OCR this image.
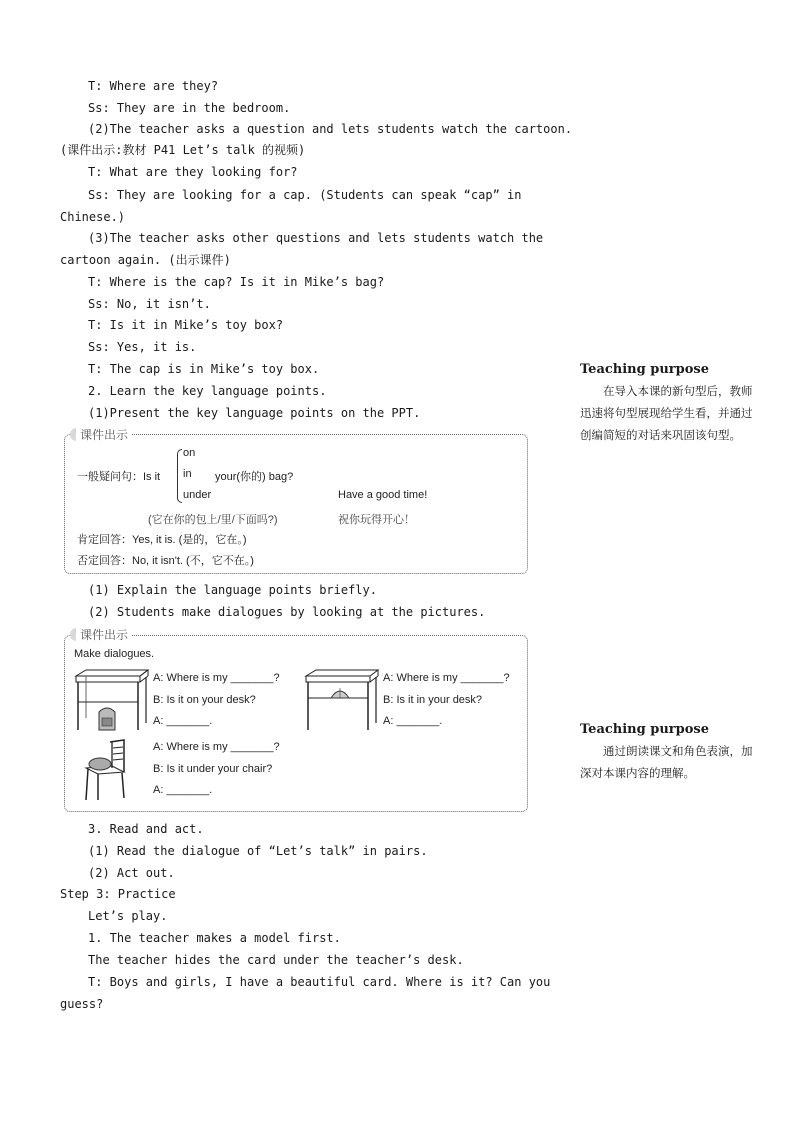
T: Where are they?
Ss: They are in the bedroom.
(2)The teacher asks a question and lets students watch the cartoon.
(课件出示:教材 P41 Let’s talk 的视频)
T: What are they looking for?
Ss: They are looking for a cap. (Students can speak “cap” in
Chinese.)
(3)The teacher asks other questions and lets students watch the
cartoon again. (出示课件)
T: Where is the cap? Is it in Mike’s bag?
Ss: No, it isn’t.
T: Is it in Mike’s toy box?
Ss: Yes, it is.
T: The cap is in Mike’s toy box.
2. Learn the key language points.
(1)Present the key language points on the PPT.
课件出示
一般疑问句：Is it
on
in
under
your(你的) bag?
(它在你的包上/里/下面吗?)
Have a good time!
祝你玩得开心！
肯定回答：Yes, it is. (是的，它在。)
否定回答：No, it isn't. (不，它不在。)
(1) Explain the language points briefly.
(2) Students make dialogues by looking at the pictures.
课件出示
Make dialogues.
A: Where is my _______?
B: Is it on your desk?
A: _______.
A: Where is my _______?
B: Is it in your desk?
A: _______.
A: Where is my _______?
B: Is it under your chair?
A: _______.
3. Read and act.
(1) Read the dialogue of “Let’s talk” in pairs.
(2) Act out.
Step 3: Practice
Let’s play.
1. The teacher makes a model first.
The teacher hides the card under the teacher’s desk.
T: Boys and girls, I have a beautiful card. Where is it? Can you
guess?
Teaching purpose
在导入本课的新句型后，教师迅速将句型展现给学生看，并通过创编简短的对话来巩固该句型。
Teaching purpose
通过朗读课文和角色表演，加深对本课内容的理解。
